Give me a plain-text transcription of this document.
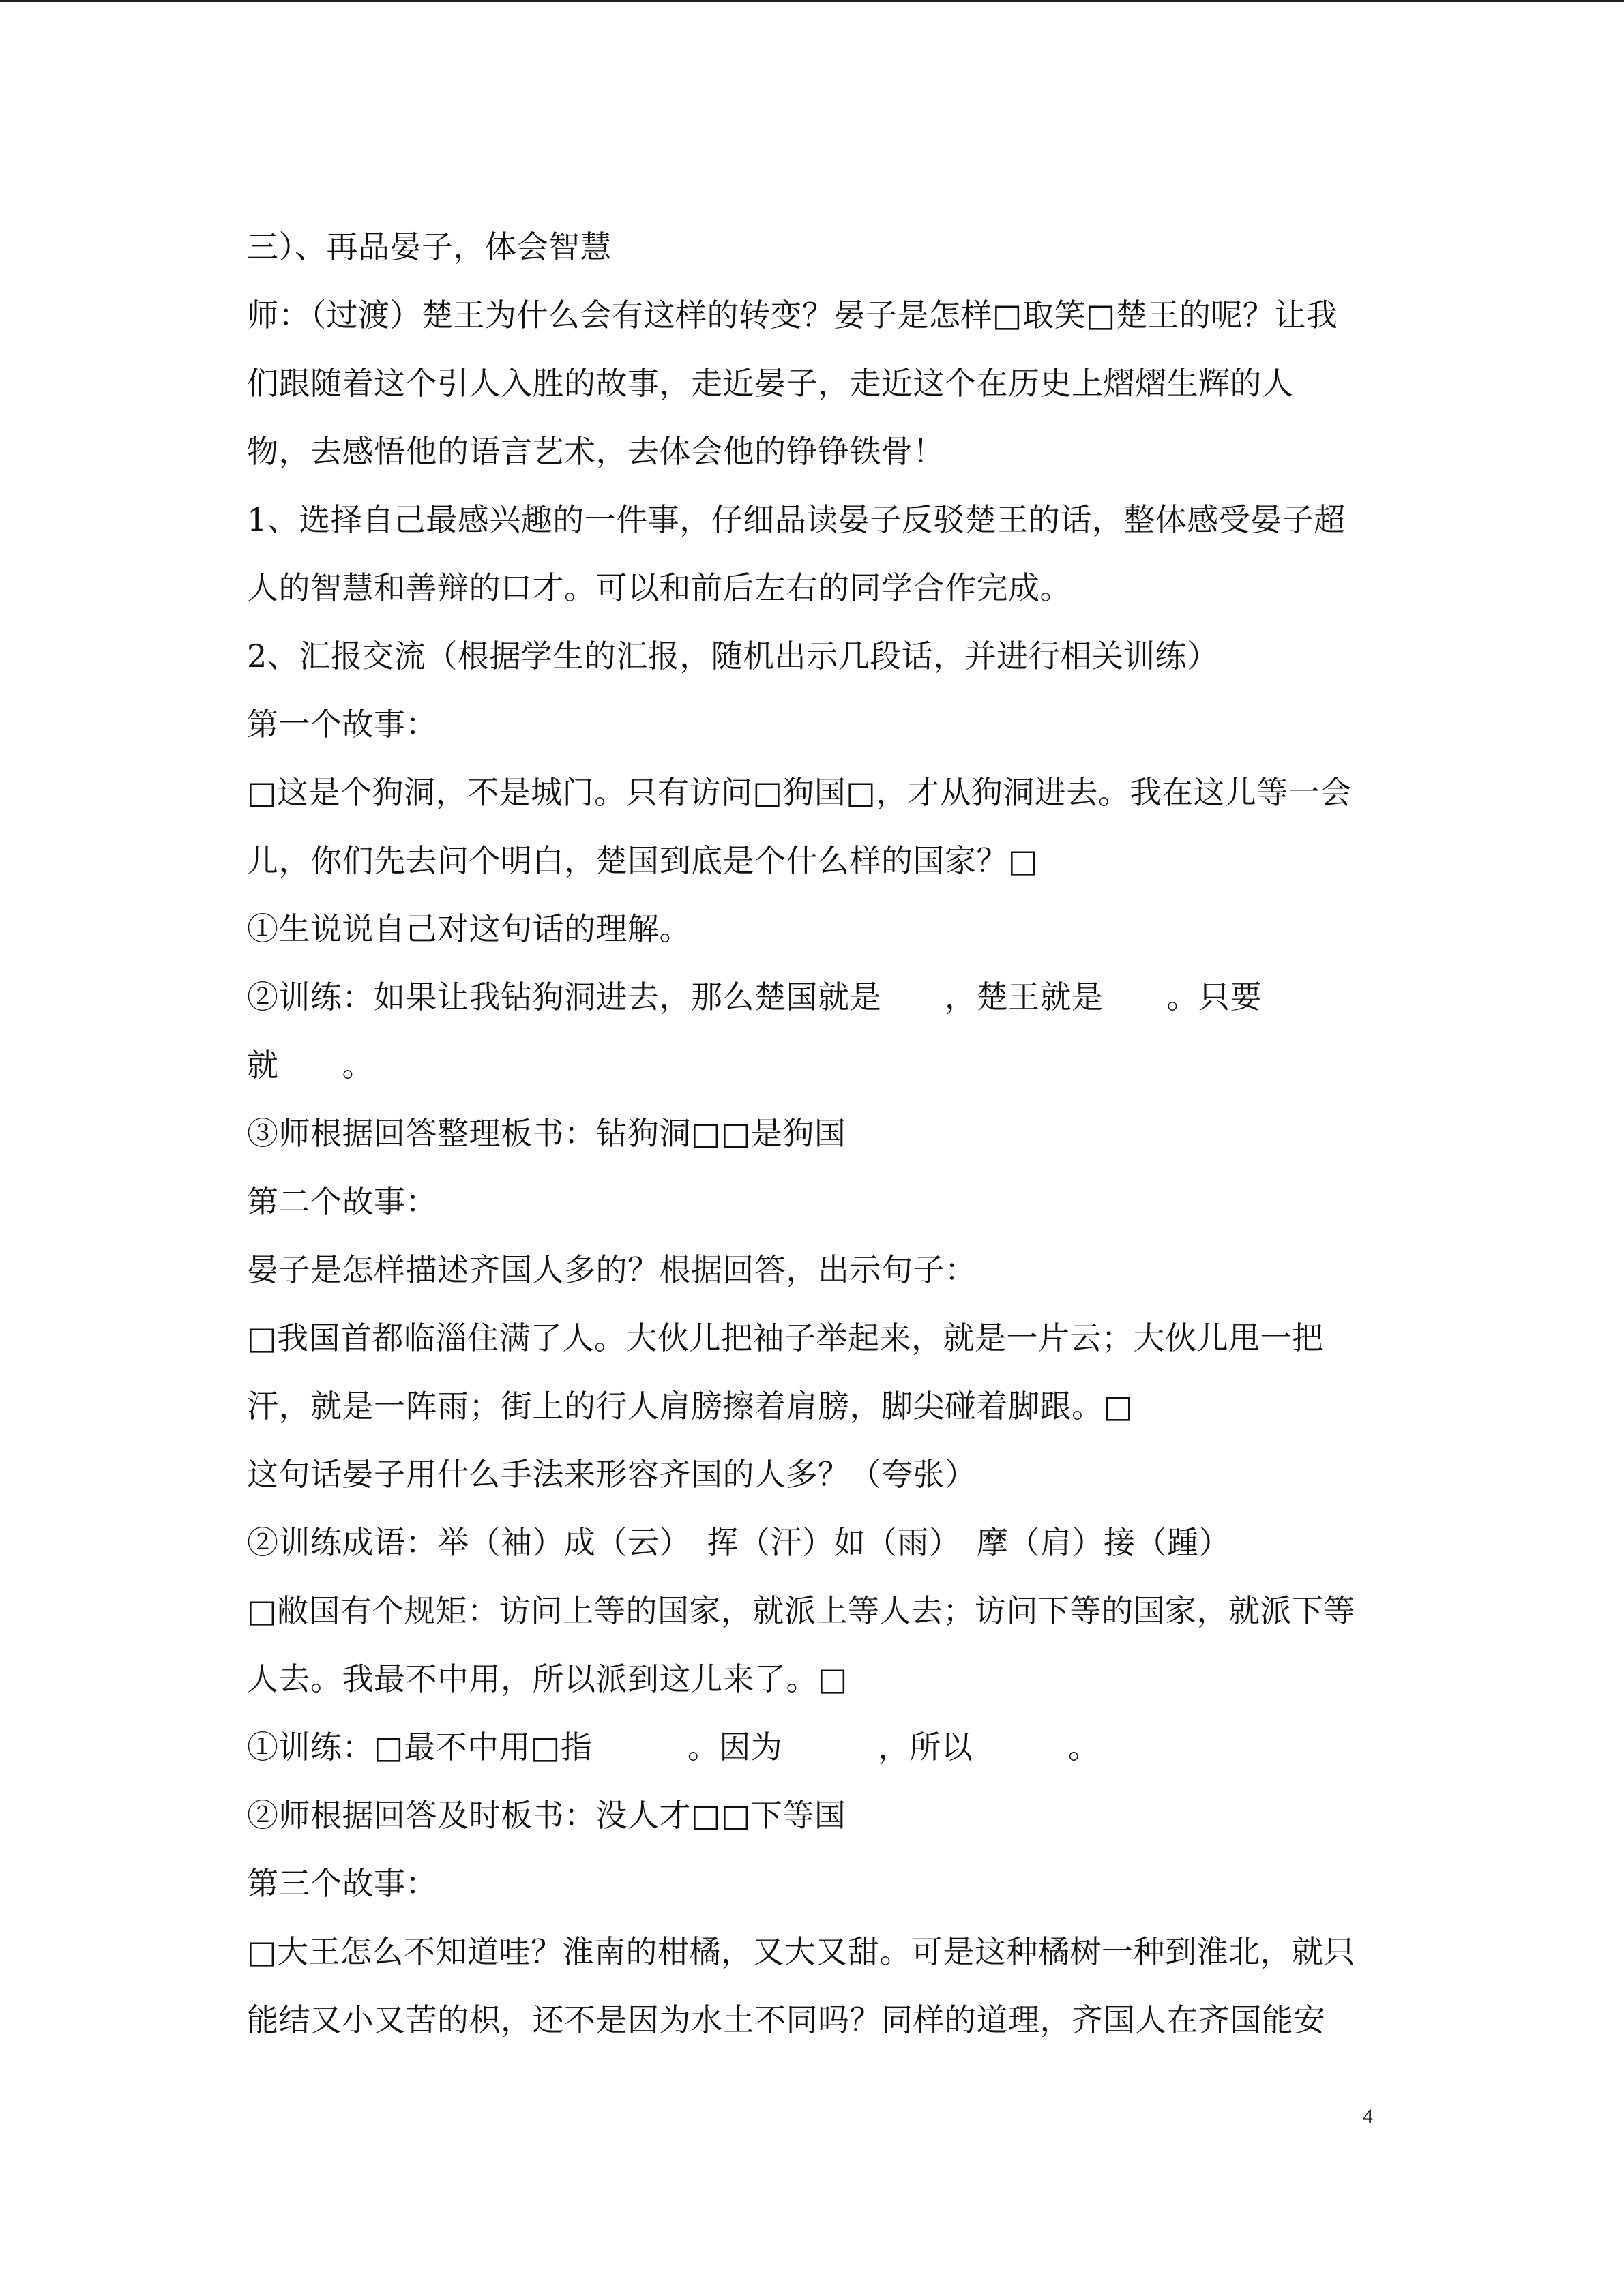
三）、再品晏子，体会智慧
师：（过渡）楚王为什么会有这样的转变？晏子是怎样□取笑□楚王的呢？让我
们跟随着这个引人入胜的故事，走近晏子，走近这个在历史上熠熠生辉的人
物，去感悟他的语言艺术，去体会他的铮铮铁骨！
1、选择自己最感兴趣的一件事，仔细品读晏子反驳楚王的话，整体感受晏子超
人的智慧和善辩的口才。可以和前后左右的同学合作完成。
2、汇报交流（根据学生的汇报，随机出示几段话，并进行相关训练）
第一个故事：
□这是个狗洞，不是城门。只有访问□狗国□，才从狗洞进去。我在这儿等一会
儿，你们先去问个明白，楚国到底是个什么样的国家？□
①生说说自己对这句话的理解。
②训练：如果让我钻狗洞进去，那么楚国就是　　，楚王就是　　。只要
就　　。
③师根据回答整理板书：钻狗洞□□是狗国
第二个故事：
晏子是怎样描述齐国人多的？根据回答，出示句子：
□我国首都临淄住满了人。大伙儿把袖子举起来，就是一片云；大伙儿甩一把
汗，就是一阵雨；街上的行人肩膀擦着肩膀，脚尖碰着脚跟。□
这句话晏子用什么手法来形容齐国的人多？（夸张）
②训练成语：举（袖）成（云）　挥（汗）如（雨）　摩（肩）接（踵）
□敝国有个规矩：访问上等的国家，就派上等人去；访问下等的国家，就派下等
人去。我最不中用，所以派到这儿来了。□
①训练：□最不中用□指　　　。因为　　　，所以　　　。
②师根据回答及时板书：没人才□□下等国
第三个故事：
□大王怎么不知道哇？淮南的柑橘，又大又甜。可是这种橘树一种到淮北，就只
能结又小又苦的枳，还不是因为水土不同吗？同样的道理，齐国人在齐国能安
4
